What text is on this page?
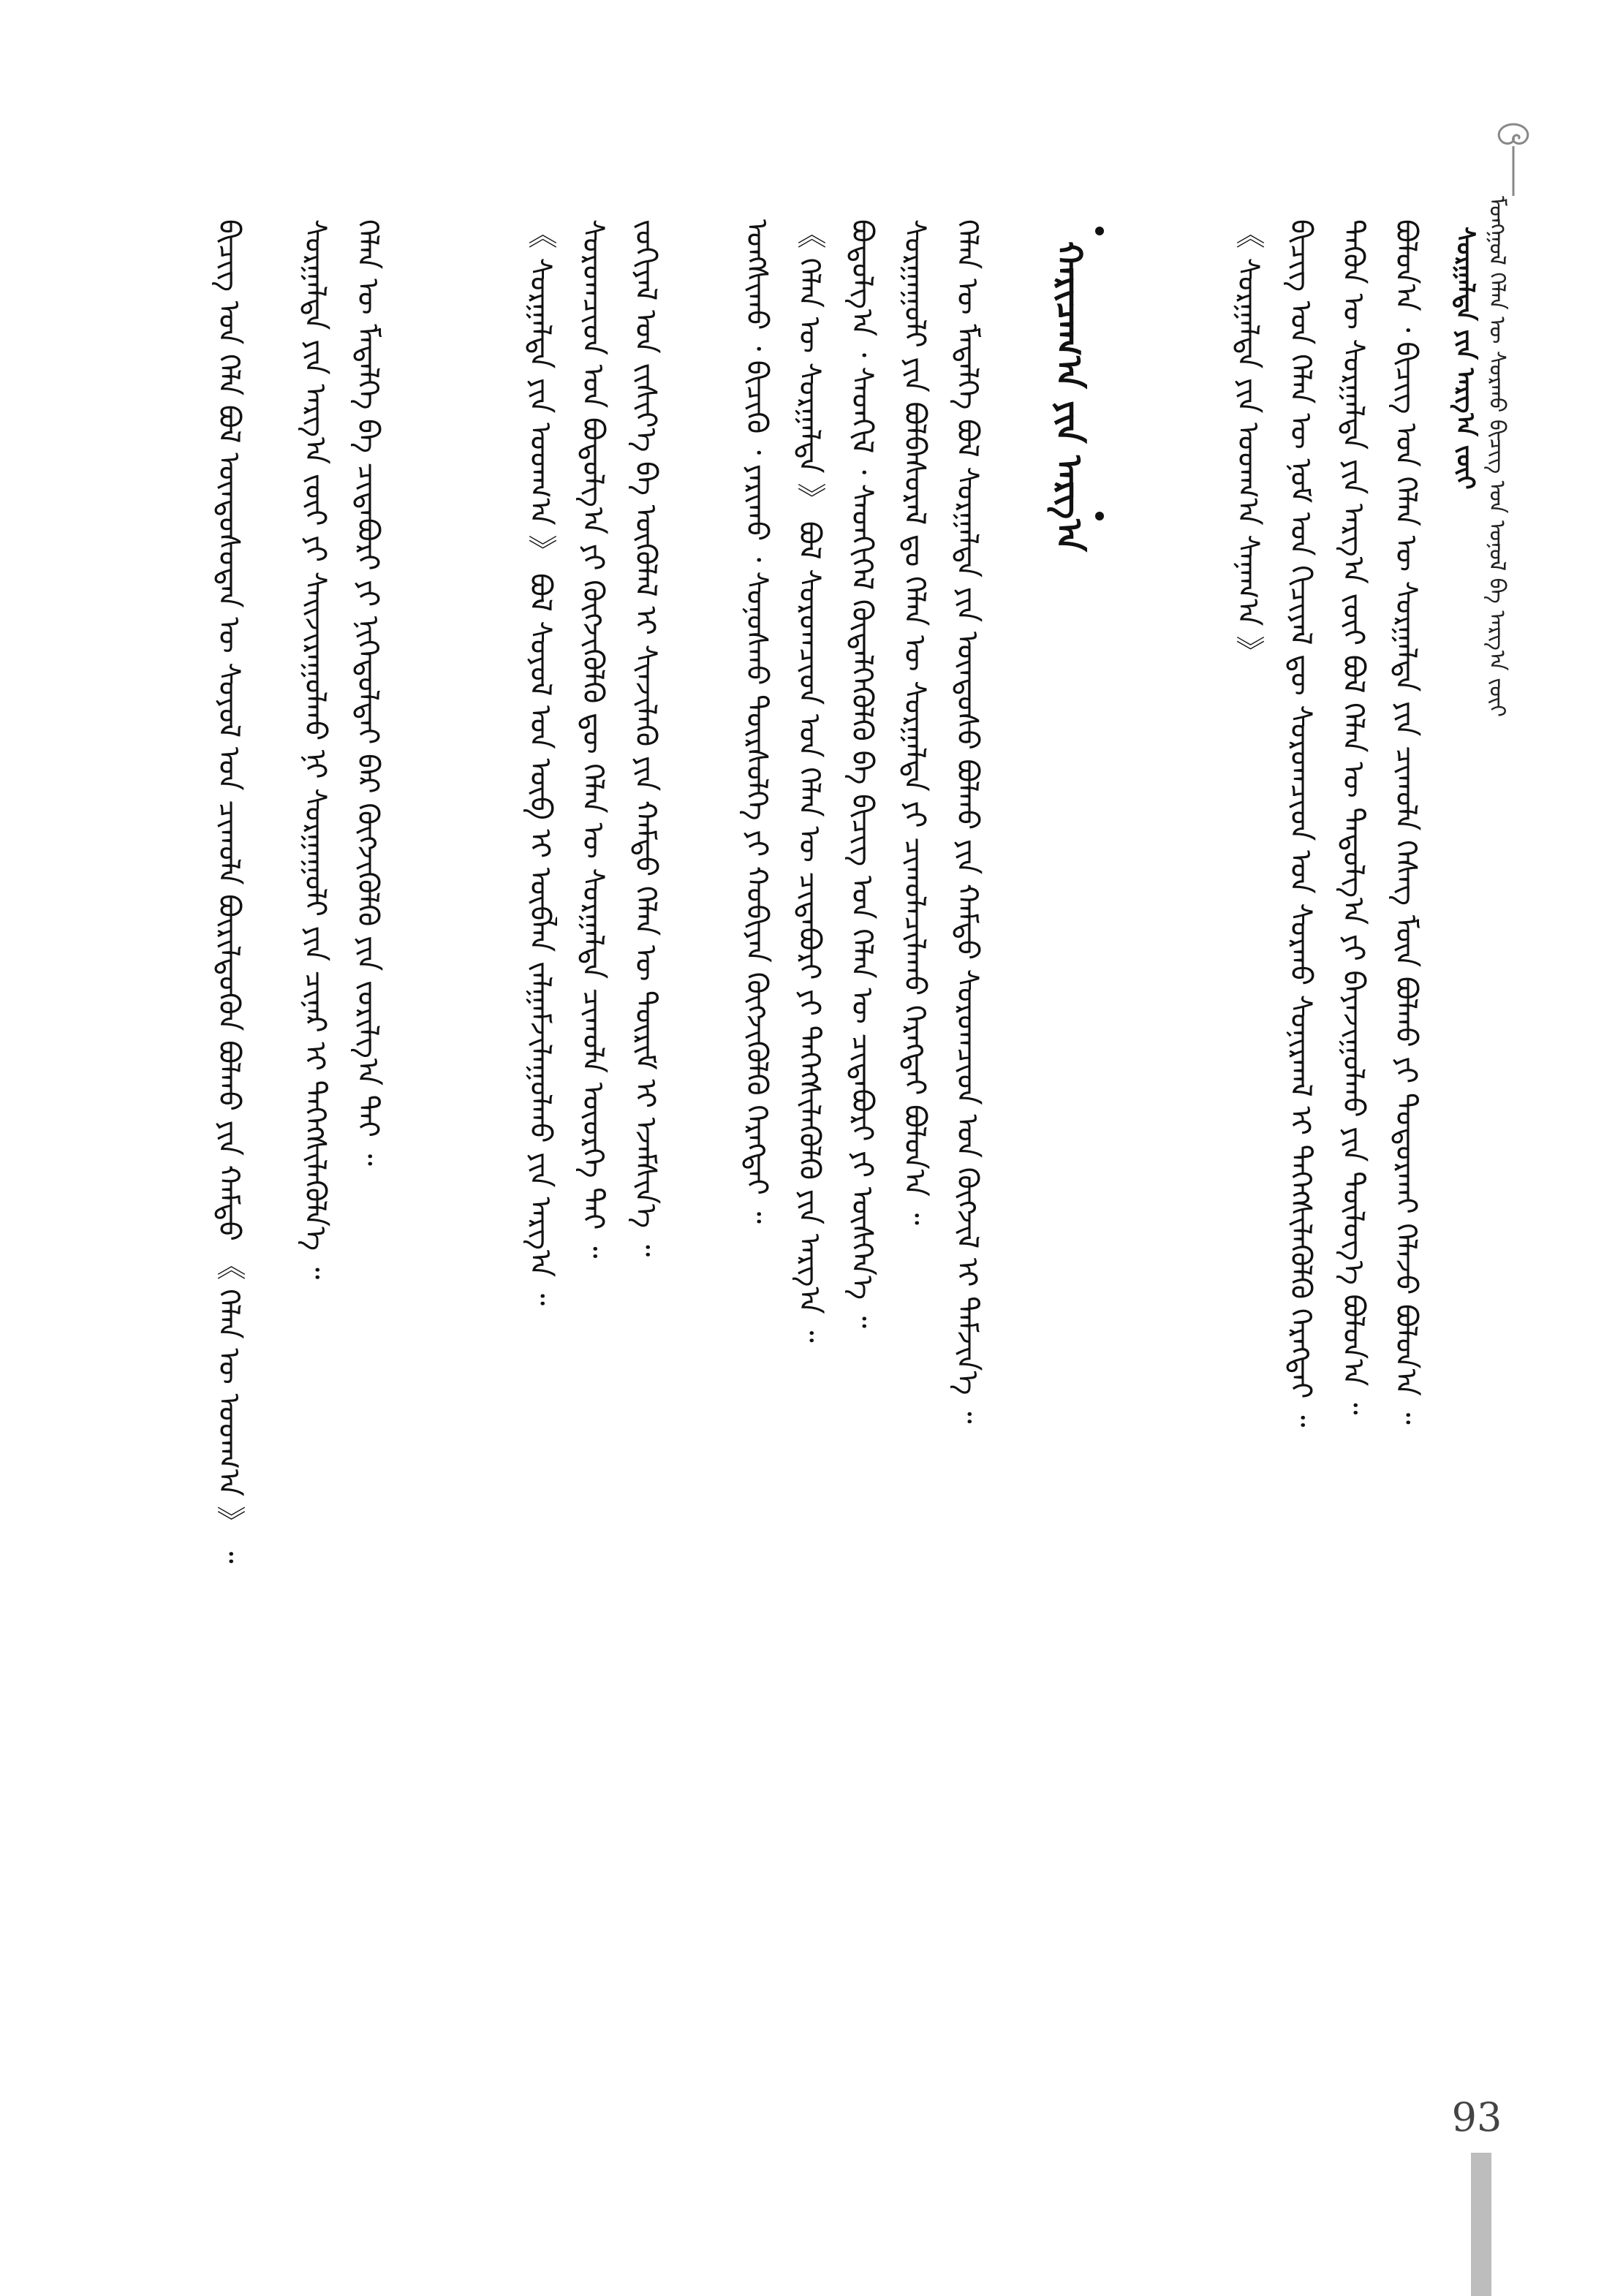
ᠮᠣᠩᠭᠣᠯ ᠬᠡᠯᠡᠨ ᠦ ᠰᠤᠷᠬᠤ ᠪᠢᠴᠢᠭ ᠤᠨ ᠣᠨᠣᠯ ᠪᠠ ᠠᠷᠭ᠎ᠠ ᠵᠦᠢ
ᠰᠤᠷᠭᠠᠯᠲᠠ ᠶᠢᠨ ᠠᠷᠭ᠎ᠠ ᠵᠦᠢ
ᠪᠣᠯᠤᠨ᠎ᠠ ᠂ ᠪᠢᠴᠢᠭ ᠤᠨ ᠬᠡᠯᠡᠨ ᠦ ᠰᠤᠷᠭᠠᠯᠲᠠ ᠶᠢᠨ ᠴᠢᠬᠤᠯᠠ ᠬᠡᠰᠡᠭ ᠮᠥᠨ ᠪᠣᠯᠬᠤ ᠶᠢ ᠲᠣᠳᠣᠷᠬᠠᠢ ᠬᠡᠯᠡᠵᠦ ᠪᠣᠯᠤᠨ᠎ᠠ ᠃
ᠲᠡᠭᠦᠨ ᠦ ᠰᠤᠷᠭᠠᠯᠲᠠ ᠶᠢᠨ ᠠᠷᠭ᠎ᠠ ᠵᠦᠢ ᠪᠣᠯ ᠬᠡᠯᠡᠨ ᠦ ᠳᠠᠳᠤᠯᠭ᠎ᠠ ᠶᠢ ᠪᠠᠶᠠᠵᠢᠭᠤᠯᠬᠤ ᠶᠢᠨ ᠲᠥᠯᠥᠭ᠎ᠡ ᠪᠣᠯᠤᠨ᠎ᠠ ᠃
ᠪᠢᠴᠢᠭ ᠤᠨ ᠬᠡᠯᠡᠨ ᠦ ᠨᠣᠮ ᠤᠨ ᠬᠢᠴᠢᠶᠡᠯ ᠳᠦ ᠰᠤᠷᠤᠭᠴᠢᠳ ᠤᠨ ᠰᠤᠷᠬᠤ ᠰᠣᠨᠢᠷᠬᠠᠯ ᠢ ᠳᠡᠭᠡᠭᠰᠢᠯᠡᠭᠦᠯᠬᠦ ᠬᠡᠷᠡᠭᠲᠡᠢ ᠃
《 ᠰᠤᠷᠭᠠᠯᠲᠠ ᠶᠢᠨ ᠤᠳᠬ᠎ᠠ ᠰᠠᠨᠠᠭ᠎ᠠ 》
ᠬᠠᠷᠢᠴᠠᠭ᠎ᠠ ᠶᠢᠨ ᠠᠷᠭ᠎ᠠ
ᠬᠡᠯᠡᠨ ᠦ ᠮᠡᠳᠡᠯᠭᠡ ᠪᠣᠯ ᠰᠤᠷᠭᠠᠯᠲᠠ ᠶᠢᠨ ᠦᠨᠳᠦᠰᠦ ᠪᠣᠯᠬᠤ ᠶᠢᠨ ᠬᠠᠮᠲᠤ ᠰᠤᠷᠤᠭᠴᠢᠳ ᠤᠨ ᠬᠥᠭᠵᠢᠯ ᠢ ᠳᠡᠮᠵᠢᠨ᠎ᠡ ᠃
ᠰᠤᠷᠭᠠᠭᠤᠯᠢ ᠶᠢᠨ ᠪᠣᠯᠪᠠᠰᠤᠷᠠᠯ ᠳᠤ ᠬᠡᠯᠡᠨ ᠦ ᠰᠤᠷᠭᠠᠯᠲᠠ ᠶᠢ ᠴᠢᠬᠤᠯᠠᠴᠢᠯᠠᠬᠤ ᠬᠡᠷᠡᠭᠲᠡᠢ ᠪᠣᠯᠤᠨ᠎ᠠ ᠃
ᠪᠣᠳᠣᠯᠭ᠎ᠠ ᠂ ᠰᠡᠳᠬᠢᠯ ᠂ ᠰᠡᠳᠬᠢᠭᠡᠯ ᠬᠥᠳᠡᠯᠭᠡᠭᠦᠯᠬᠦ ᠪᠠ ᠪᠢᠴᠢᠭ ᠤᠨ ᠬᠡᠯᠡᠨ ᠦ ᠴᠢᠳᠠᠪᠤᠷᠢ ᠶᠢ ᠥᠰᠬᠡᠨ᠎ᠡ ᠃
《 ᠬᠡᠯᠡᠨ ᠦ ᠰᠤᠷᠭᠠᠯᠲᠠ 》 ᠪᠣᠯ ᠰᠤᠷᠤᠭᠴᠢᠳ ᠤᠨ ᠬᠡᠯᠡᠨ ᠦ ᠴᠢᠳᠠᠪᠤᠷᠢ ᠶᠢ ᠳᠡᠭᠡᠭᠰᠢᠯᠡᠭᠦᠯᠬᠦ ᠶᠢᠨ ᠠᠷᠭ᠎ᠠ ᠃
ᠤᠩᠰᠢᠬᠤ ᠂ ᠪᠢᠴᠢᠬᠦ ᠂ ᠶᠠᠷᠢᠬᠤ ᠂ ᠰᠣᠨᠣᠰᠬᠤ ᠳᠦᠷᠰᠦᠯᠭᠡ ᠶᠢ ᠬᠤᠪᠢᠶᠠᠨ ᠬᠥᠭᠵᠢᠭᠦᠯᠬᠦ ᠬᠡᠷᠡᠭᠲᠡᠢ ᠃
ᠵᠣᠬᠢᠶᠠᠯ ᠤᠨ ᠵᠢᠱᠢᠶ᠎ᠡ ᠪᠠ ᠥᠭᠦᠯᠡᠯ ᠢ ᠰᠢᠨᠵᠢᠯᠡᠬᠦ ᠶᠢᠨ ᠬᠠᠮᠲᠤ ᠬᠡᠯᠡᠨ ᠦ ᠳᠦᠷᠢᠮ ᠢ ᠡᠵᠡᠮᠰᠢᠨ᠎ᠡ ᠃
ᠰᠤᠷᠤᠭᠴᠢᠳ ᠤᠨ ᠪᠣᠳᠤᠯᠭ᠎ᠠ ᠶᠢ ᠬᠥᠭᠵᠢᠭᠦᠯᠬᠦ ᠳᠦ ᠬᠡᠯᠡᠨ ᠦ ᠰᠤᠷᠭᠠᠯᠲᠠ ᠴᠢᠬᠤᠯᠠ ᠦᠦᠷᠭᠡ ᠲᠠᠢ ᠃
《 ᠰᠤᠷᠭᠠᠯᠲᠠ ᠶᠢᠨ ᠤᠳᠬ᠎ᠠ 》 ᠪᠣᠯ ᠰᠣᠶᠣᠯ ᠤᠨ ᠥᠪ ᠢ ᠥᠪᠯᠡᠨ ᠵᠠᠯᠭᠠᠮᠵᠢᠯᠠᠭᠤᠯᠬᠤ ᠶᠢᠨ ᠠᠷᠭ᠎ᠠ ᠃
ᠬᠡᠯᠡᠨ ᠦ ᠮᠡᠳᠡᠯᠭᠡ ᠪᠠ ᠴᠢᠳᠠᠪᠤᠷᠢ ᠶᠢ ᠨᠢᠭᠡᠳᠦᠯᠲᠡᠢ ᠪᠡᠷ ᠬᠥᠭᠵᠢᠭᠦᠯᠬᠦ ᠶᠢᠨ ᠵᠣᠷᠢᠯᠭ᠎ᠠ ᠲᠠᠢ ᠃
ᠰᠤᠷᠭᠠᠯᠲᠠ ᠶᠢᠨ ᠠᠷᠭ᠎ᠠ ᠵᠦᠢ ᠶᠢ ᠰᠠᠢᠵᠢᠷᠠᠭᠤᠯᠬᠤ ᠨᠢ ᠰᠤᠷᠭᠠᠭᠤᠯᠢ ᠶᠢᠨ ᠴᠢᠨᠠᠷ ᠢ ᠳᠡᠭᠡᠭᠰᠢᠯᠡᠭᠦᠯᠨ᠎ᠡ ᠃
ᠪᠢᠴᠢᠭ ᠤᠨ ᠬᠡᠯᠡ ᠪᠣᠯ ᠦᠨᠳᠦᠰᠦᠲᠡᠨ ᠦ ᠰᠣᠶᠣᠯ ᠤᠨ ᠴᠢᠬᠤᠯᠠ ᠪᠦᠷᠢᠯᠳᠦᠬᠦᠨ ᠪᠣᠯᠬᠤ ᠶᠢᠨ ᠬᠠᠮᠲᠤ 《 ᠬᠡᠯᠡᠨ ᠦ ᠤᠳᠬ᠎ᠠ 》 ᠃
93
